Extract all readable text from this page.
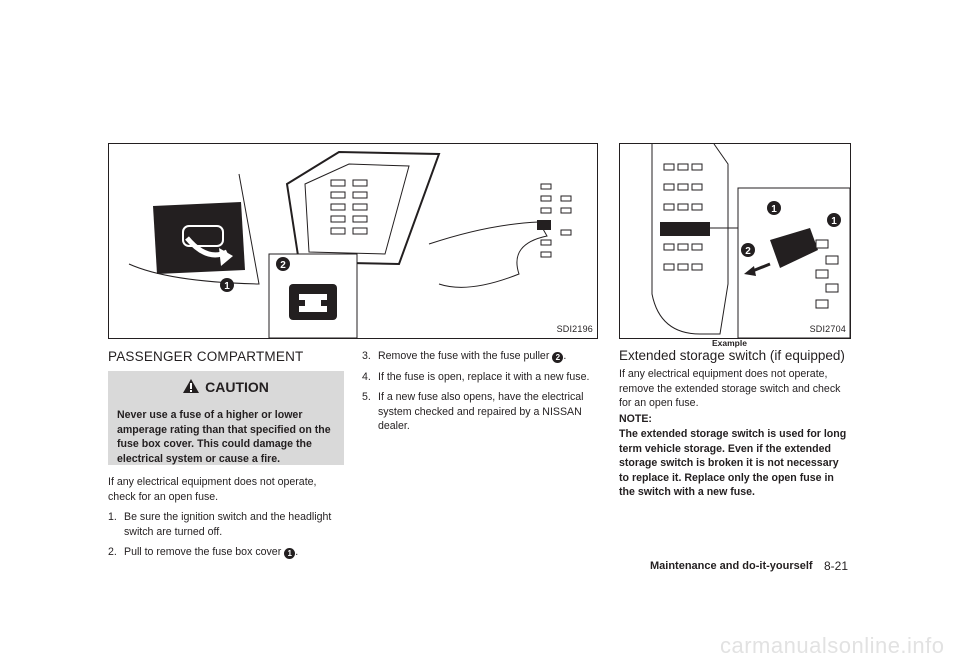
1
2
SDI2196
1
1
2
SDI2704
Example
PASSENGER COMPARTMENT
CAUTION
Never use a fuse of a higher or lower amperage rating than that specified on the fuse box cover. This could damage the electrical system or cause a fire.
If any electrical equipment does not operate, check for an open fuse.
1. Be sure the ignition switch and the headlight switch are turned off.
2. Pull to remove the fuse box cover 1 .
3. Remove the fuse with the fuse puller 2 .
4. If the fuse is open, replace it with a new fuse.
5. If a new fuse also opens, have the electrical system checked and repaired by a NISSAN dealer.
Extended storage switch (if equipped)
If any electrical equipment does not operate, remove the extended storage switch and check for an open fuse.
NOTE:
The extended storage switch is used for long term vehicle storage. Even if the extended storage switch is broken it is not necessary to replace it. Replace only the open fuse in the switch with a new fuse.
Maintenance and do-it-yourself 8-21
carmanualsonline.info
